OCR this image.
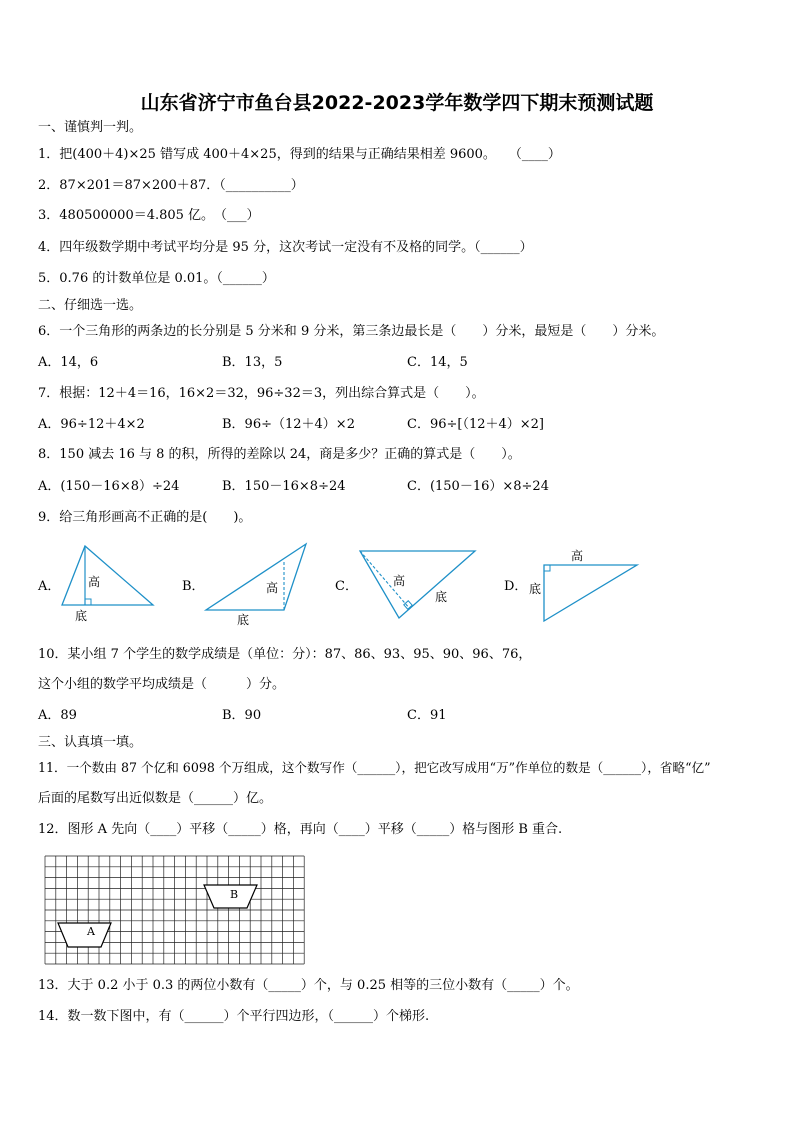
山东省济宁市鱼台县2022-2023学年数学四下期末预测试题
一、谨慎判一判。
1．把(400＋4)×25 错写成 400＋4×25，得到的结果与正确结果相差 9600。　　（____）
2．87×201＝87×200＋87．（__________）
3．480500000＝4.805 亿。　（___）
4．四年级数学期中考试平均分是 95 分，这次考试一定没有不及格的同学。（______）
5．0.76 的计数单位是 0.01。（______）
二、仔细选一选。
6．一个三角形的两条边的长分别是 5 分米和 9 分米，第三条边最长是（　　）分米，最短是（　　）分米。
A．14，6	B．13，5	C．14，5
7．根据：12＋4＝16，16×2＝32，96÷32＝3，列出综合算式是（　　）。
A．96÷12＋4×2	B．96÷（12＋4）×2	C．96÷[（12＋4）×2]
8．150 减去 16 与 8 的积，所得的差除以 24，商是多少？正确的算式是（　　）。
A．(150－16×8）÷24	B．150－16×8÷24	C．(150－16）×8÷24
9．给三角形画高不正确的是(　　)。
A． 高
底
B．	高
底
C．	高
底
D．
高
底
10．某小组 7 个学生的数学成绩是（单位：分）：87、86、93、95、90、96、76，
这个小组的数学平均成绩是（　　　）分。
A．89	B．90	C．91
三、认真填一填。
11．一个数由 87 个亿和 6098 个万组成，这个数写作（______），把它改写成用“万”作单位的数是（______），省略“亿”
后面的尾数写出近似数是（______）亿。
12．图形 A 先向（____）平移（_____）格，再向（____）平移（_____）格与图形 B 重合.
B
A
13．大于 0.2 小于 0.3 的两位小数有（_____）个，与 0.25 相等的三位小数有（_____）个。
14．数一数下图中，有（______）个平行四边形，（______）个梯形.
